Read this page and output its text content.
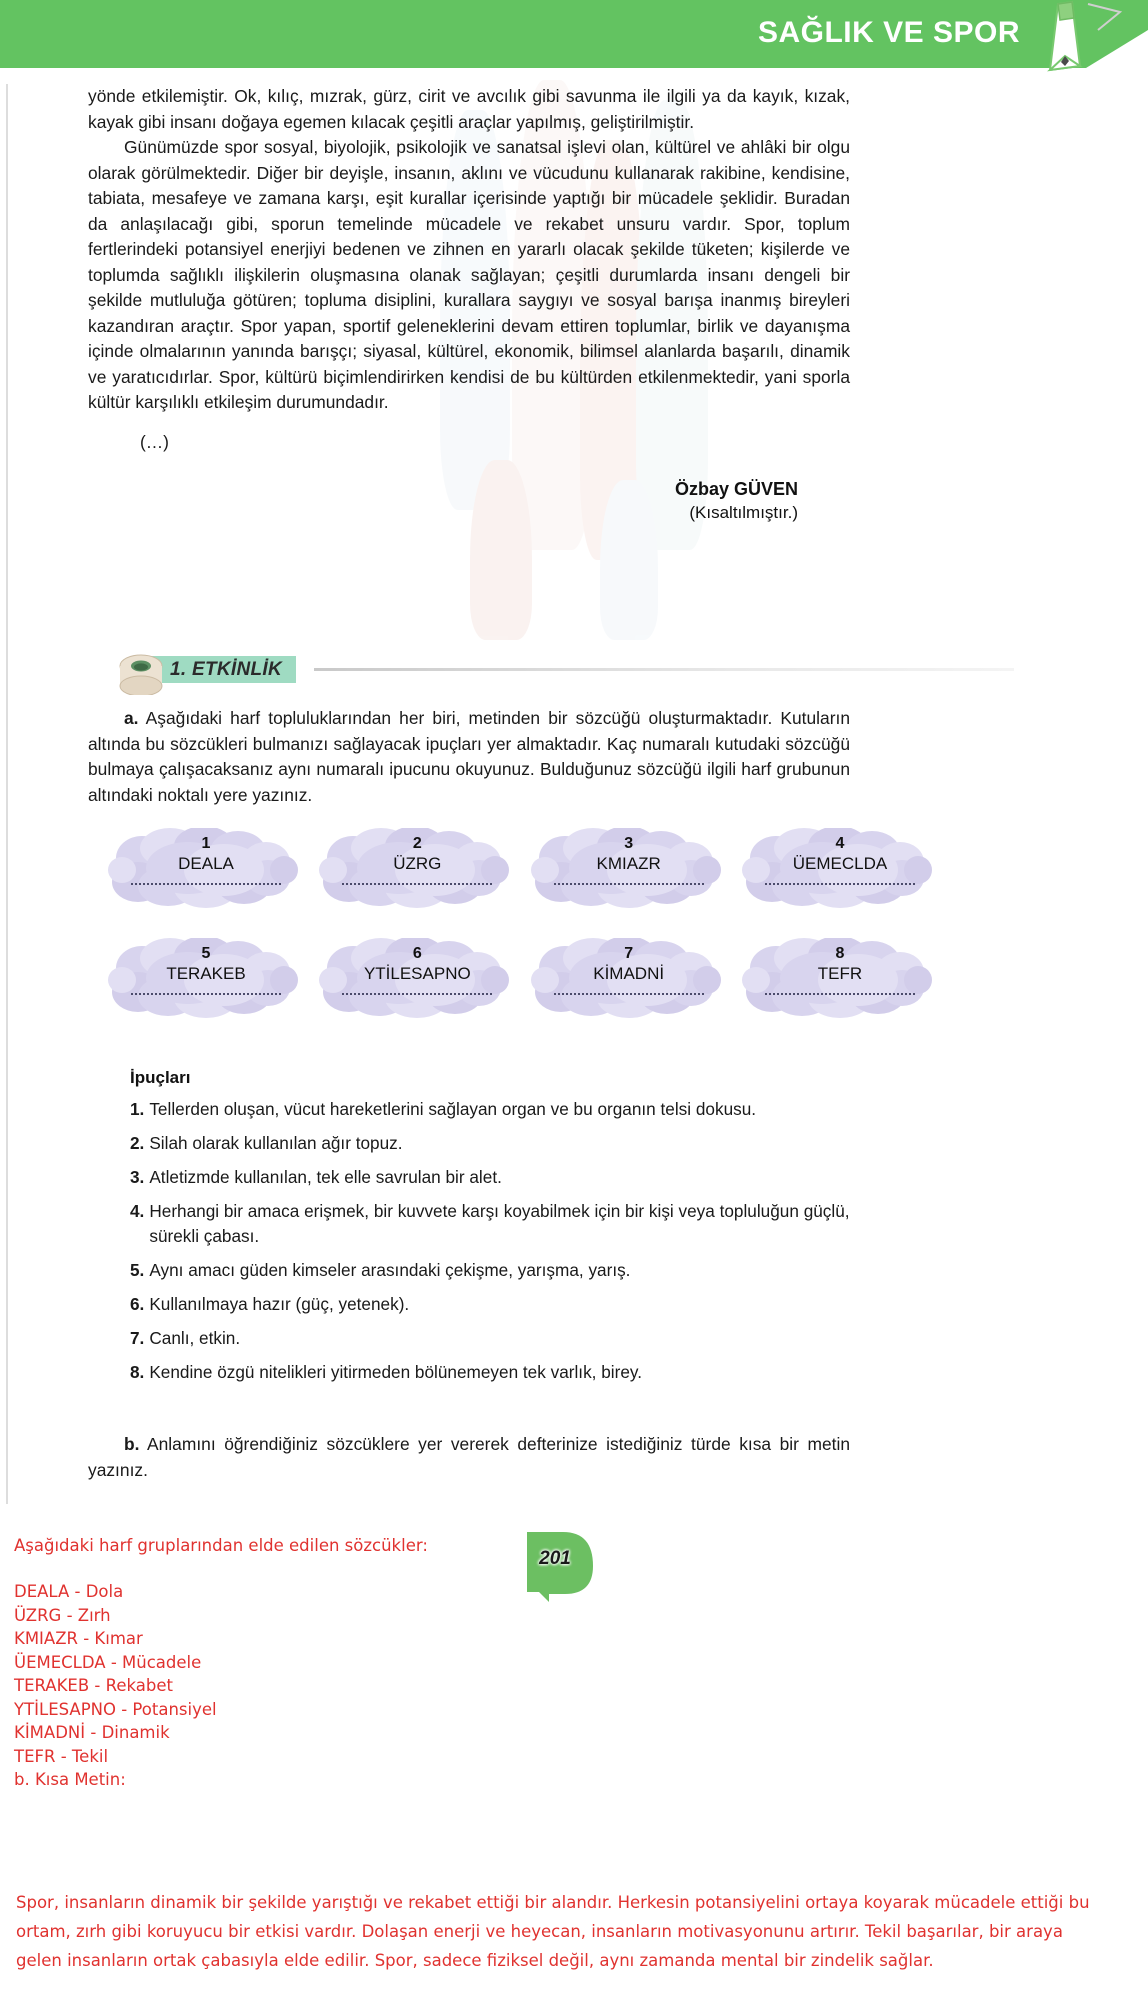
SAĞLIK VE SPOR

yönde etkilemiştir. Ok, kılıç, mızrak, gürz, cirit ve avcılık gibi savunma ile ilgili ya da kayık, kızak, kayak gibi insanı doğaya egemen kılacak çeşitli araçlar yapılmış, geliştirilmiştir.

Günümüzde spor sosyal, biyolojik, psikolojik ve sanatsal işlevi olan, kültürel ve ahlâki bir olgu olarak görülmektedir. Diğer bir deyişle, insanın, aklını ve vücudunu kullanarak rakibine, kendisine, tabiata, mesafeye ve zamana karşı, eşit kurallar içerisinde yaptığı bir mücadele şeklidir. Buradan da anlaşılacağı gibi, sporun temelinde mücadele ve rekabet unsuru vardır. Spor, toplum fertlerindeki potansiyel enerjiyi bedenen ve zihnen en yararlı olacak şekilde tüketen; kişilerde ve toplumda sağlıklı ilişkilerin oluşmasına olanak sağlayan; çeşitli durumlarda insanı dengeli bir şekilde mutluluğa götüren; topluma disiplini, kurallara saygıyı ve sosyal barışa inanmış bireyleri kazandıran araçtır. Spor yapan, sportif geleneklerini devam ettiren toplumlar, birlik ve dayanışma içinde olmalarının yanında barışçı; siyasal, kültürel, ekonomik, bilimsel alanlarda başarılı, dinamik ve yaratıcıdırlar. Spor, kültürü biçimlendirirken kendisi de bu kültürden etkilenmektedir, yani sporla kültür karşılıklı etkileşim durumundadır.

(…)
Özbay GÜVEN
(Kısaltılmıştır.)
1. ETKİNLİK

a. Aşağıdaki harf topluluklarından her biri, metinden bir sözcüğü oluşturmaktadır. Kutuların altında bu sözcükleri bulmanızı sağlayacak ipuçları yer almaktadır. Kaç numaralı kutudaki sözcüğü bulmaya çalışacaksanız aynı numaralı ipucunu okuyunuz. Bulduğunuz sözcüğü ilgili harf grubunun altındaki noktalı yere yazınız.

1
DEALA
2
ÜZRG
3
KMIAZR
4
ÜEMECLDA
5
TERAKEB
6
YTİLESAPNO
7
KİMADNİ
8
TEFR
İpuçları
1. Tellerden oluşan, vücut hareketlerini sağlayan organ ve bu organın telsi dokusu.
2. Silah olarak kullanılan ağır topuz.
3. Atletizmde kullanılan, tek elle savrulan bir alet.
4. Herhangi bir amaca erişmek, bir kuvvete karşı koyabilmek için bir kişi veya topluluğun güçlü, sürekli çabası.
5. Aynı amacı güden kimseler arasındaki çekişme, yarışma, yarış.
6. Kullanılmaya hazır (güç, yetenek).
7. Canlı, etkin.
8. Kendine özgü nitelikleri yitirmeden bölünemeyen tek varlık, birey.
b. Anlamını öğrendiğiniz sözcüklere yer vererek defterinize istediğiniz türde kısa bir metin yazınız.
Aşağıdaki harf gruplarından elde edilen sözcükler:
DEALA - Dola
ÜZRG - Zırh
KMIAZR - Kımar
ÜEMECLDA - Mücadele
TERAKEB - Rekabet
YTİLESAPNO - Potansiyel
KİMADNİ - Dinamik
TEFR - Tekil
b. Kısa Metin:
201
Spor, insanların dinamik bir şekilde yarıştığı ve rekabet ettiği bir alandır. Herkesin potansiyelini ortaya koyarak mücadele ettiği bu ortam, zırh gibi koruyucu bir etkisi vardır. Dolaşan enerji ve heyecan, insanların motivasyonunu artırır. Tekil başarılar, bir araya gelen insanların ortak çabasıyla elde edilir. Spor, sadece fiziksel değil, aynı zamanda mental bir zindelik sağlar.
